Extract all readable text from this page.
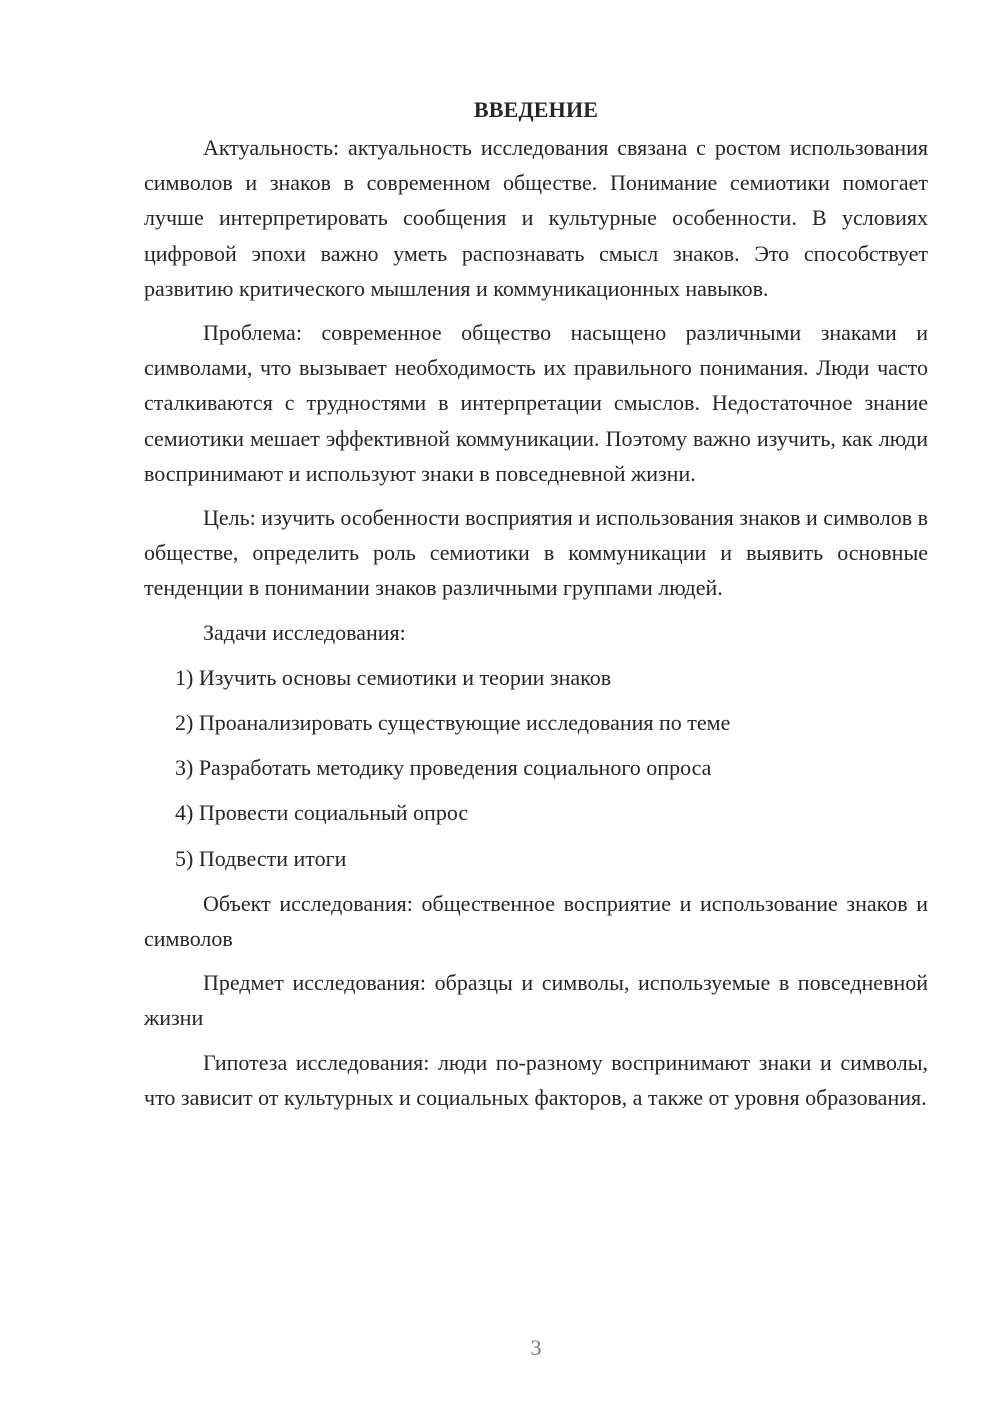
ВВЕДЕНИЕ

Актуальность: актуальность исследования связана с ростом использования символов и знаков в современном обществе. Понимание семиотики помогает лучше интерпретировать сообщения и культурные особенности. В условиях цифровой эпохи важно уметь распознавать смысл знаков. Это способствует развитию критического мышления и коммуникационных навыков.

Проблема: современное общество насыщено различными знаками и символами, что вызывает необходимость их правильного понимания. Люди часто сталкиваются с трудностями в интерпретации смыслов. Недостаточное знание семиотики мешает эффективной коммуникации. Поэтому важно изучить, как люди воспринимают и используют знаки в повседневной жизни.

Цель: изучить особенности восприятия и использования знаков и символов в обществе, определить роль семиотики в коммуникации и выявить основные тенденции в понимании знаков различными группами людей.

Задачи исследования:

1) Изучить основы семиотики и теории знаков
2) Проанализировать существующие исследования по теме
3) Разработать методику проведения социального опроса
4) Провести социальный опрос
5) Подвести итоги

Объект исследования: общественное восприятие и использование знаков и символов

Предмет исследования: образцы и символы, используемые в повседневной жизни

Гипотеза исследования: люди по-разному воспринимают знаки и символы, что зависит от культурных и социальных факторов, а также от уровня образования.

3
